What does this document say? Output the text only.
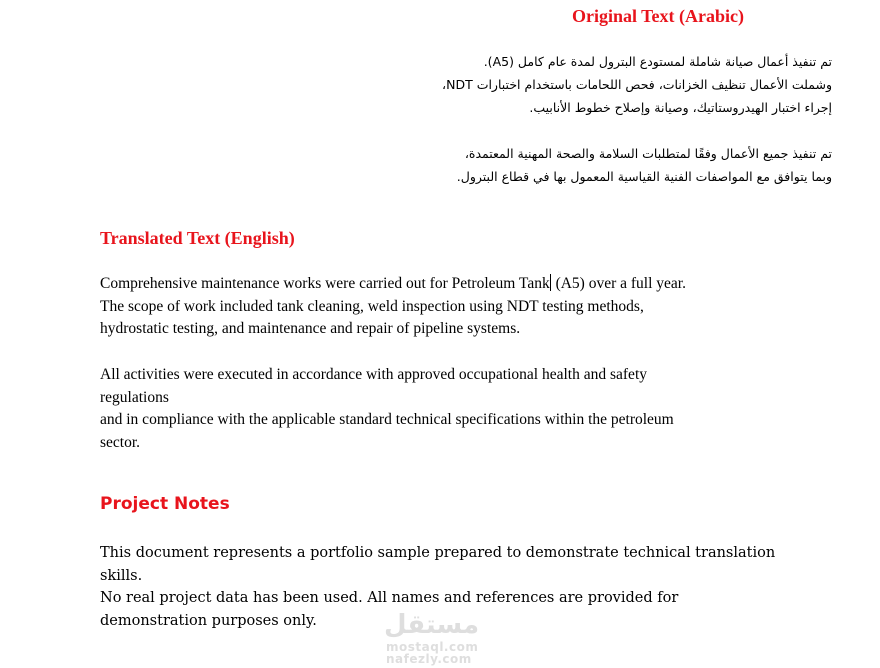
Original Text (Arabic)
تم تنفيذ أعمال صيانة شاملة لمستودع البترول لمدة عام كامل (A5).
وشملت الأعمال تنظيف الخزانات، فحص اللحامات باستخدام اختبارات NDT،
إجراء اختبار الهيدروستاتيك، وصيانة وإصلاح خطوط الأنابيب.
تم تنفيذ جميع الأعمال وفقًا لمتطلبات السلامة والصحة المهنية المعتمدة،
وبما يتوافق مع المواصفات الفنية القياسية المعمول بها في قطاع البترول.
Translated Text (English)
Comprehensive maintenance works were carried out for Petroleum Tank (A5) over a full year.
The scope of work included tank cleaning, weld inspection using NDT testing methods,
hydrostatic testing, and maintenance and repair of pipeline systems.
All activities were executed in accordance with approved occupational health and safety
regulations
and in compliance with the applicable standard technical specifications within the petroleum
sector.
Project Notes
This document represents a portfolio sample prepared to demonstrate technical translation
skills.
No real project data has been used. All names and references are provided for
demonstration purposes only.	مستقل
mostaql.com
nafezly.com
